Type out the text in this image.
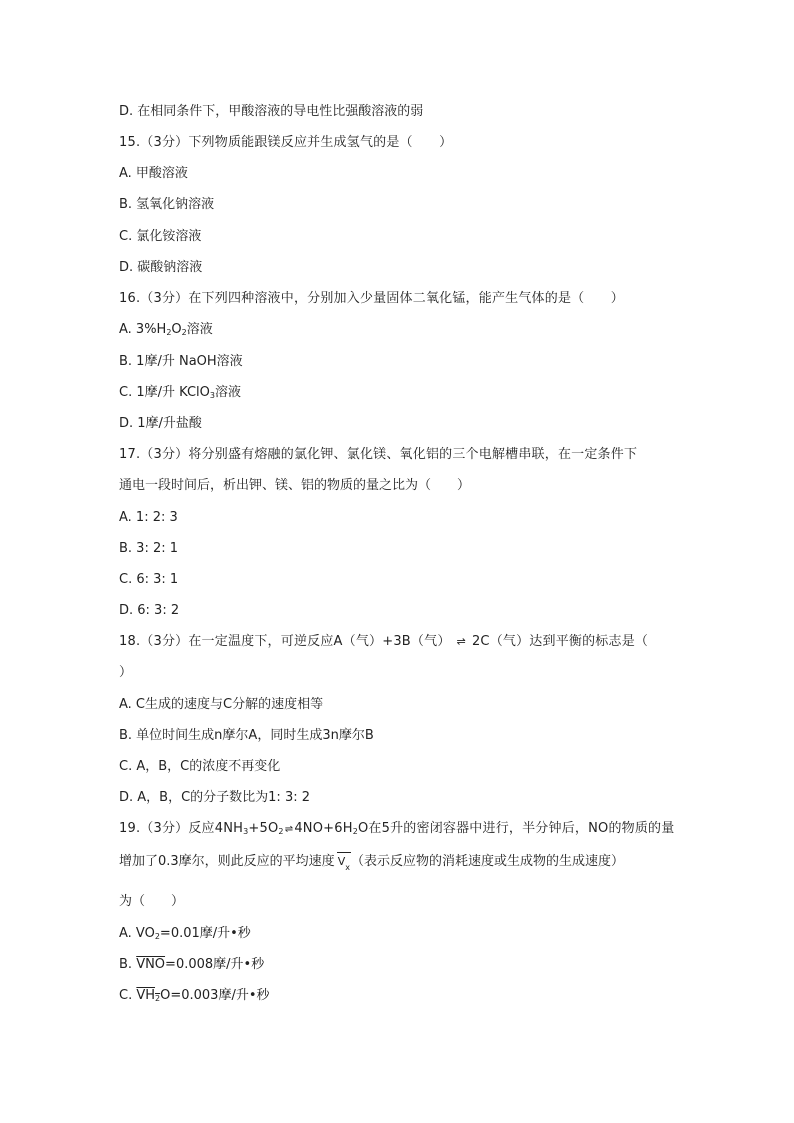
D. 在相同条件下，甲酸溶液的导电性比强酸溶液的弱
15.（3分）下列物质能跟镁反应并生成氢气的是（　　）
A. 甲酸溶液
B. 氢氧化钠溶液
C. 氯化铵溶液
D. 碳酸钠溶液
16.（3分）在下列四种溶液中，分别加入少量固体二氧化锰，能产生气体的是（　　）
A. $3\%H_2O_2$溶液
B. 1摩/升 NaOH溶液
C. 1摩/升 KClO$_3$溶液
D. 1摩/升盐酸
17.（3分）将分别盛有熔融的氯化钾、氯化镁、氧化铝的三个电解槽串联，在一定条件下
通电一段时间后，析出钾、镁、铝的物质的量之比为（　　）
A. 1: 2: 3
B. 3: 2: 1
C. 6: 3: 1
D. 6: 3: 2
18.（3分）在一定温度下，可逆反应A（气）+3B（气） ⇌ 2C（气）达到平衡的标志是（
）
A. C生成的速度与C分解的速度相等
B. 单位时间生成n摩尔A，同时生成3n摩尔B
C. A，B，C的浓度不再变化
D. A，B，C的分子数比为1: 3: 2
19.（3分）反应$4NH_3+5O_2\rightleftharpoons 4NO+6H_2O$在5升的密闭容器中进行，半分钟后，NO的物质的量
增加了0.3摩尔，则此反应的平均速度 $V_x$（表示反应物的消耗速度或生成物的生成速度）
为（　　）
A. $VO_2=0.01$摩/升•秒
B. $\overline{VNO}=0.008$摩/升•秒
C. $VH_2O=0.003$摩/升•秒
